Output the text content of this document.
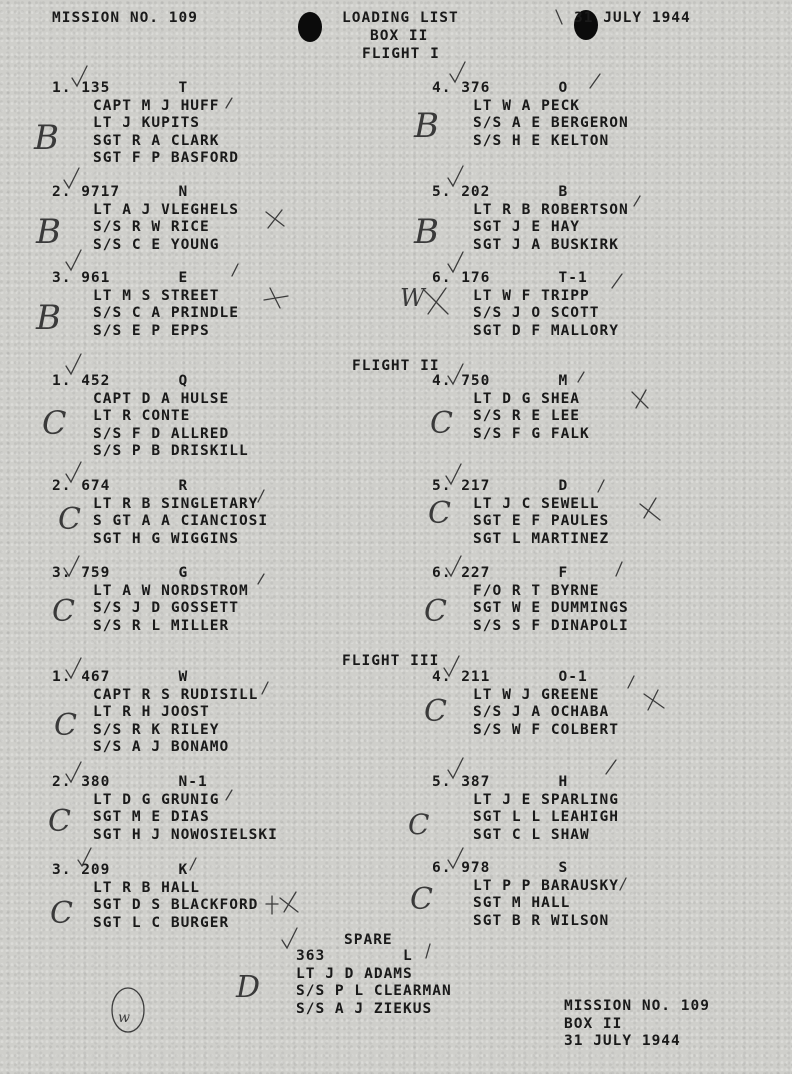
MISSION NO. 109	LOADING LIST
BOX II
31 JULY 1944
FLIGHT I
1. 135	T
CAPT M J HUFF
LT J KUPITS
SGT R A CLARK
SGT F P BASFORD
2. 9717	N
LT A J VLEGHELS
S/S R W RICE
S/S C E YOUNG
3. 961	E
LT M S STREET
S/S C A PRINDLE
S/S E P EPPS
4. 376	O
LT W A PECK
S/S A E BERGERON
S/S H E KELTON
5. 202	B
LT R B ROBERTSON
SGT J E HAY
SGT J A BUSKIRK
6. 176	T-1
LT W F TRIPP
S/S J O SCOTT
SGT D F MALLORY
FLIGHT II
1. 452	Q
CAPT D A HULSE
LT R CONTE
S/S F D ALLRED
S/S P B DRISKILL
2. 674	R
LT R B SINGLETARY
S GT A A CIANCIOSI
SGT H G WIGGINS
3. 759	G
LT A W NORDSTROM
S/S J D GOSSETT
S/S R L MILLER
4. 750	M
LT D G SHEA
S/S R E LEE
S/S F G FALK
5. 217	D
LT J C SEWELL
SGT E F PAULES
SGT L MARTINEZ
6. 227	F
F/O R T BYRNE
SGT W E DUMMINGS
S/S S F DINAPOLI
FLIGHT III
1. 467	W
CAPT R S RUDISILL
LT R H JOOST
S/S R K RILEY
S/S A J BONAMO
2. 380	N-1
LT D G GRUNIG
SGT M E DIAS
SGT H J NOWOSIELSKI
3. 209	K
LT R B HALL
SGT D S BLACKFORD
SGT L C BURGER
4. 211	O-1
LT W J GREENE
S/S J A OCHABA
S/S W F COLBERT
5. 387	H
LT J E SPARLING
SGT L L LEAHIGH
SGT C L SHAW
6. 978	S
LT P P BARAUSKY
SGT M HALL
SGT B R WILSON
SPARE
363	L
LT J D ADAMS
S/S P L CLEARMAN
S/S A J ZIEKUS	MISSION NO. 109
BOX II
31 JULY 1944
B
B
B
B
B
W
C
C
C
C
C
C
C
C
C
C
C
C
D
w
